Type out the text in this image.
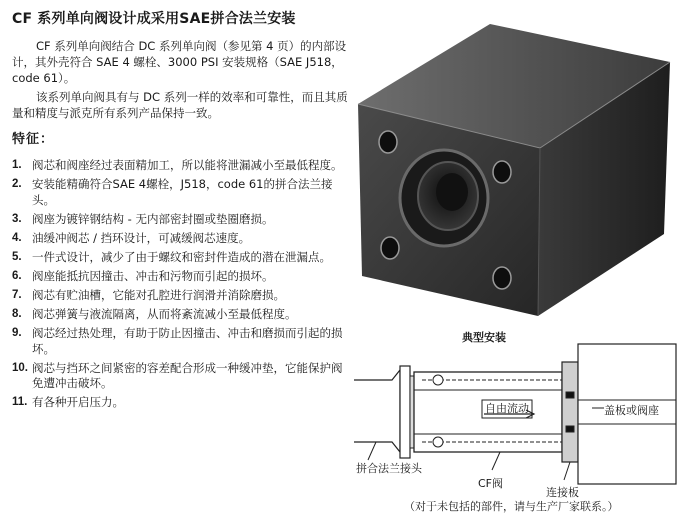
CF 系列单向阀设计成采用SAE拼合法兰安装

CF 系列单向阀结合 DC 系列单向阀（参见第 4 页）的内部设计，其外壳符合 SAE 4 螺栓、3000 PSI 安装规格（SAE J518，code 61）。

该系列单向阀具有与 DC 系列一样的效率和可靠性，而且其质量和精度与派克所有系列产品保持一致。

特征：
1. 阀芯和阀座经过表面精加工，所以能将泄漏减小至最低程度。
2. 安装能精确符合SAE 4螺栓，J518，code 61的拼合法兰接头。
3. 阀座为镀锌钢结构 - 无内部密封圈或垫圈磨损。
4. 油缓冲阀芯 / 挡环设计，可减缓阀芯速度。
5. 一件式设计，减少了由于螺纹和密封件造成的潜在泄漏点。
6. 阀座能抵抗因撞击、冲击和污物而引起的损坏。
7. 阀芯有贮油槽，它能对孔腔进行润滑并消除磨损。
8. 阀芯弹簧与液流隔离，从而将紊流减小至最低程度。
9. 阀芯经过热处理，有助于防止因撞击、冲击和磨损而引起的损坏。
10. 阀芯与挡环之间紧密的容差配合形成一种缓冲垫，它能保护阀免遭冲击破坏。
11. 有各种开启压力。
典型安装
自由流动	盖板或阀座
拼合法兰接头
CF阀
连接板
（对于未包括的部件，请与生产厂家联系。）
